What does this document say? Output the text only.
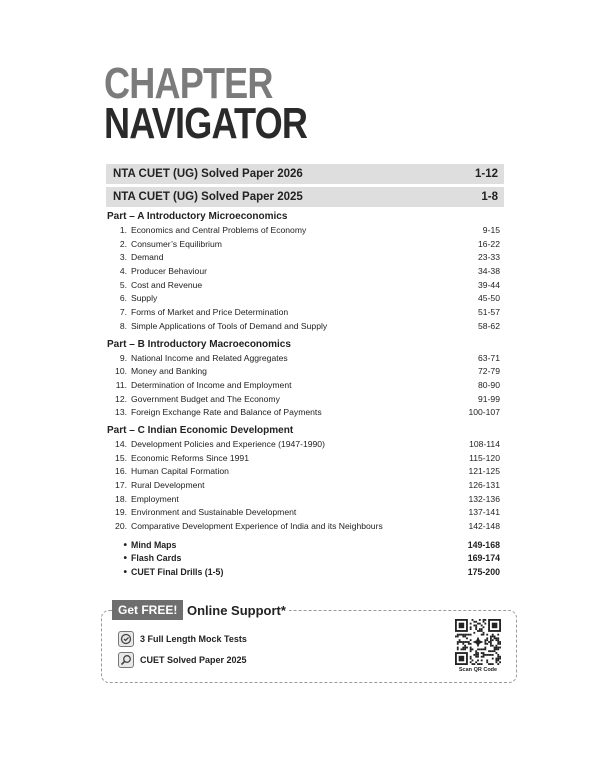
CHAPTER
NAVIGATOR
NTA CUET (UG) Solved Paper 2026	1-12
NTA CUET (UG) Solved Paper 2025	1-8
Part – A Introductory Microeconomics
1. Economics and Central Problems of Economy	9-15
2. Consumer’s Equilibrium	16-22
3. Demand	23-33
4. Producer Behaviour	34-38
5. Cost and Revenue	39-44
6. Supply	45-50
7. Forms of Market and Price Determination	51-57
8. Simple Applications of Tools of Demand and Supply	58-62
Part – B Introductory Macroeconomics
9. National Income and Related Aggregates	63-71
10. Money and Banking	72-79
11. Determination of Income and Employment	80-90
12. Government Budget and The Economy	91-99
13. Foreign Exchange Rate and Balance of Payments	100-107
Part – C Indian Economic Development
14. Development Policies and Experience (1947-1990)	108-114
15. Economic Reforms Since 1991	115-120
16. Human Capital Formation	121-125
17. Rural Development	126-131
18. Employment	132-136
19. Environment and Sustainable Development	137-141
20. Comparative Development Experience of India and its Neighbours	142-148
• Mind Maps	149-168
• Flash Cards	169-174
• CUET Final Drills (1-5)	175-200
Get FREE! Online Support*
3 Full Length Mock Tests
CUET Solved Paper 2025
Scan QR Code
